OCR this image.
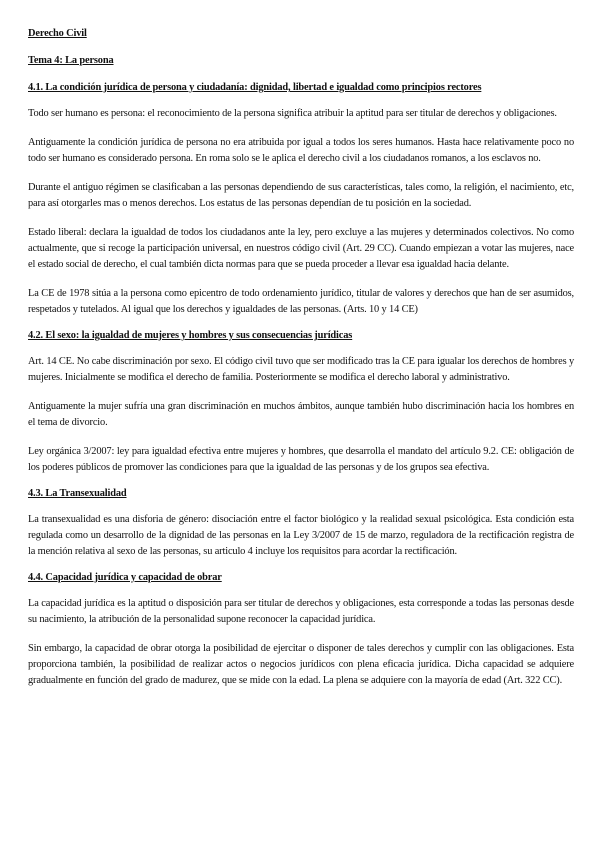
Derecho Civil

Tema 4: La persona

4.1. La condición jurídica de persona y ciudadanía: dignidad, libertad e igualdad como principios rectores

Todo ser humano es persona: el reconocimiento de la persona significa atribuir la aptitud para ser titular de derechos y obligaciones.

Antiguamente la condición jurídica de persona no era atribuida por igual a todos los seres humanos. Hasta hace relativamente poco no todo ser humano es considerado persona. En roma solo se le aplica el derecho civil a los ciudadanos romanos, a los esclavos no.

Durante el antiguo régimen se clasificaban a las personas dependiendo de sus características, tales como, la religión, el nacimiento, etc, para así otorgarles mas o menos derechos. Los estatus de las personas dependían de tu posición en la sociedad.

Estado liberal: declara la igualdad de todos los ciudadanos ante la ley, pero excluye a las mujeres y determinados colectivos. No como actualmente, que si recoge la participación universal, en nuestros código civil (Art. 29 CC). Cuando empiezan a votar las mujeres, nace el estado social de derecho, el cual también dicta normas para que se pueda proceder a llevar esa igualdad hacia delante.

La CE de 1978 sitúa a la persona como epicentro de todo ordenamiento jurídico, titular de valores y derechos que han de ser asumidos, respetados y tutelados. Al igual que los derechos y igualdades de las personas. (Arts. 10 y 14 CE)

4.2. El sexo: la igualdad de mujeres y hombres y sus consecuencias jurídicas

Art. 14 CE. No cabe discriminación por sexo. El código civil tuvo que ser modificado tras la CE para igualar los derechos de hombres y mujeres. Inicialmente se modifica el derecho de familia. Posteriormente se modifica el derecho laboral y administrativo.

Antiguamente la mujer sufría una gran discriminación en muchos ámbitos, aunque también hubo discriminación hacia los hombres en el tema de divorcio.

Ley orgánica 3/2007: ley para igualdad efectiva entre mujeres y hombres, que desarrolla el mandato del artículo 9.2. CE: obligación de los poderes públicos de promover las condiciones para que la igualdad de las personas y de los grupos sea efectiva.

4.3. La Transexualidad

La transexualidad es una disforia de género: disociación entre el factor biológico y la realidad sexual psicológica. Esta condición esta regulada como un desarrollo de la dignidad de las personas en la Ley 3/2007 de 15 de marzo, reguladora de la rectificación registra de la mención relativa al sexo de las personas, su articulo 4 incluye los requisitos para acordar la rectificación.

4.4. Capacidad jurídica y capacidad de obrar

La capacidad jurídica es la aptitud o disposición para ser titular de derechos y obligaciones, esta corresponde a todas las personas desde su nacimiento, la atribución de la personalidad supone reconocer la capacidad jurídica.

Sin embargo, la capacidad de obrar otorga la posibilidad de ejercitar o disponer de tales derechos y cumplir con las obligaciones. Esta proporciona también, la posibilidad de realizar actos o negocios jurídicos con plena eficacia jurídica. Dicha capacidad se adquiere gradualmente en función del grado de madurez, que se mide con la edad. La plena se adquiere con la mayoría de edad (Art. 322 CC).
